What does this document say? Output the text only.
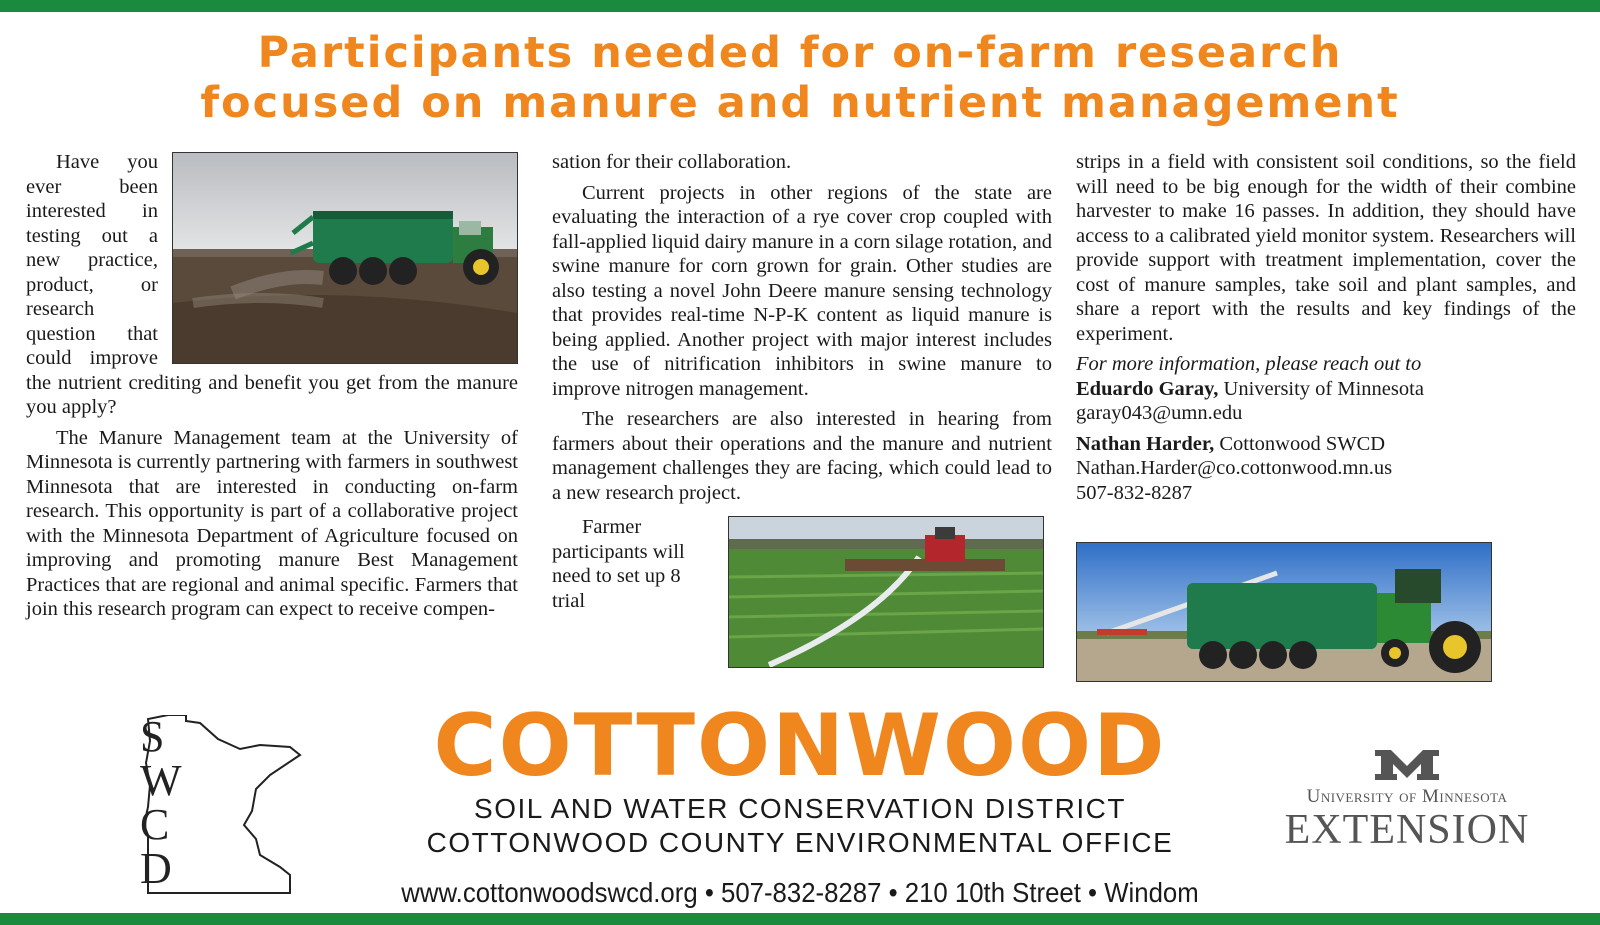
Participants needed for on-farm research
focused on manure and nutrient management

Have you ever been interested in testing out a new practice, product, or research question that could improve the nutrient crediting and benefit you get from the manure you apply?

The Manure Management team at the University of Minnesota is currently partnering with farmers in southwest Minnesota that are interested in conducting on-farm research. This opportunity is part of a collaborative project with the Minnesota Department of Agriculture focused on improving and promoting manure Best Management Practices that are regional and animal specific. Farmers that join this research program can expect to receive compen-

sation for their collaboration.

Current projects in other regions of the state are evaluating the interaction of a rye cover crop coupled with fall-applied liquid dairy manure in a corn silage rotation, and swine manure for corn grown for grain. Other studies are also testing a novel John Deere manure sensing technology that provides real-time N-P-K content as liquid manure is being applied. Another project with major interest includes the use of nitrification inhibitors in swine manure to improve nitrogen management.

The researchers are also interested in hearing from farmers about their operations and the manure and nutrient management challenges they are facing, which could lead to a new research project.

Farmer participants will need to set up 8 trial

strips in a field with consistent soil conditions, so the field will need to be big enough for the width of their combine harvester to make 16 passes. In addition, they should have access to a calibrated yield monitor system. Researchers will provide support with treatment implementation, cover the cost of manure samples, take soil and plant samples, and share a report with the results and key findings of the experiment.

For more information, please reach out to
Eduardo Garay, University of Minnesota
garay043@umn.edu

Nathan Harder, Cottonwood SWCD
Nathan.Harder@co.cottonwood.mn.us
507-832-8287

S
W
C
D
COTTONWOOD
SOIL AND WATER CONSERVATION DISTRICT
COTTONWOOD COUNTY ENVIRONMENTAL OFFICE
www.cottonwoodswcd.org • 507-832-8287 • 210 10th Street • Windom
University of Minnesota
EXTENSION
